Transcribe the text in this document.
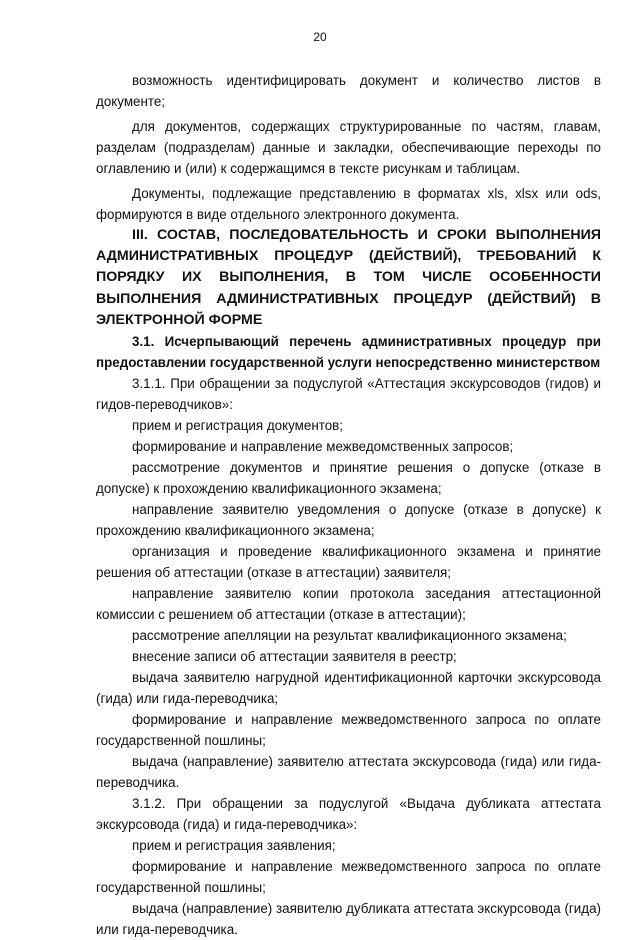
20

возможность идентифицировать документ и количество листов в документе;

для документов, содержащих структурированные по частям, главам, разделам (подразделам) данные и закладки, обеспечивающие переходы по оглавлению и (или) к содержащимся в тексте рисункам и таблицам.

Документы, подлежащие представлению в форматах xls, xlsx или ods, формируются в виде отдельного электронного документа.

III. СОСТАВ, ПОСЛЕДОВАТЕЛЬНОСТЬ И СРОКИ ВЫПОЛНЕНИЯ АДМИНИСТРАТИВНЫХ ПРОЦЕДУР (ДЕЙСТВИЙ), ТРЕБОВАНИЙ К ПОРЯДКУ ИХ ВЫПОЛНЕНИЯ, В ТОМ ЧИСЛЕ ОСОБЕННОСТИ ВЫПОЛНЕНИЯ АДМИНИСТРАТИВНЫХ ПРОЦЕДУР (ДЕЙСТВИЙ) В ЭЛЕКТРОННОЙ ФОРМЕ

3.1. Исчерпывающий перечень административных процедур при предоставлении государственной услуги непосредственно министерством

3.1.1. При обращении за подуслугой «Аттестация экскурсоводов (гидов) и гидов-переводчиков»:

прием и регистрация документов;

формирование и направление межведомственных запросов;

рассмотрение документов и принятие решения о допуске (отказе в допуске) к прохождению квалификационного экзамена;

направление заявителю уведомления о допуске (отказе в допуске) к прохождению квалификационного экзамена;

организация и проведение квалификационного экзамена и принятие решения об аттестации (отказе в аттестации) заявителя;

направление заявителю копии протокола заседания аттестационной комиссии с решением об аттестации (отказе в аттестации);

рассмотрение апелляции на результат квалификационного экзамена;

внесение записи об аттестации заявителя в реестр;

выдача заявителю нагрудной идентификационной карточки экскурсовода (гида) или гида-переводчика;

формирование и направление межведомственного запроса по оплате государственной пошлины;

выдача (направление) заявителю аттестата экскурсовода (гида) или гида-переводчика.

3.1.2. При обращении за подуслугой «Выдача дубликата аттестата экскурсовода (гида) и гида-переводчика»:

прием и регистрация заявления;

формирование и направление межведомственного запроса по оплате государственной пошлины;

выдача (направление) заявителю дубликата аттестата экскурсовода (гида) или гида-переводчика.
